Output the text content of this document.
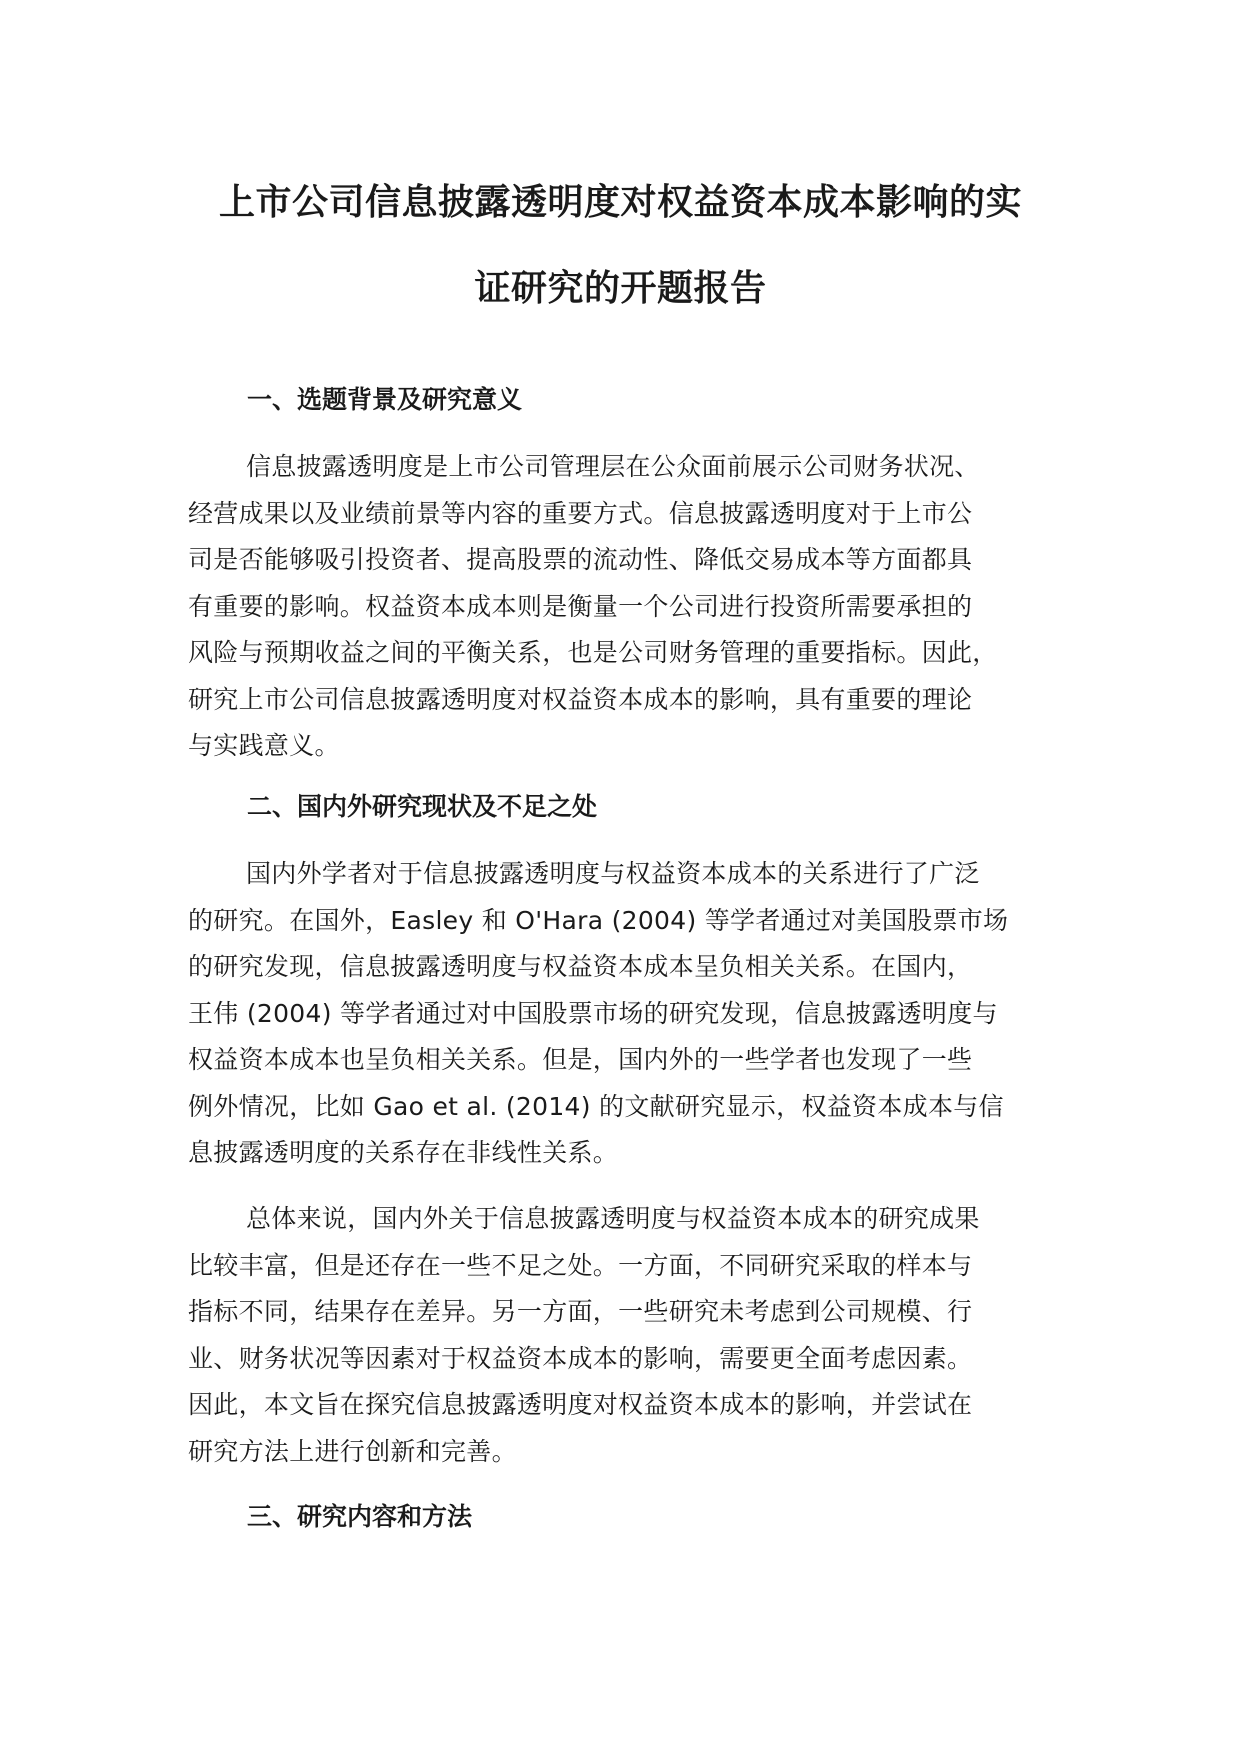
上市公司信息披露透明度对权益资本成本影响的实
证研究的开题报告
一、选题背景及研究意义

信息披露透明度是上市公司管理层在公众面前展示公司财务状况、
经营成果以及业绩前景等内容的重要方式。信息披露透明度对于上市公
司是否能够吸引投资者、提高股票的流动性、降低交易成本等方面都具
有重要的影响。权益资本成本则是衡量一个公司进行投资所需要承担的
风险与预期收益之间的平衡关系，也是公司财务管理的重要指标。因此，
研究上市公司信息披露透明度对权益资本成本的影响，具有重要的理论
与实践意义。

二、国内外研究现状及不足之处

国内外学者对于信息披露透明度与权益资本成本的关系进行了广泛
的研究。在国外，Easley 和 O'Hara (2004) 等学者通过对美国股票市场
的研究发现，信息披露透明度与权益资本成本呈负相关关系。在国内，
王伟 (2004) 等学者通过对中国股票市场的研究发现，信息披露透明度与
权益资本成本也呈负相关关系。但是，国内外的一些学者也发现了一些
例外情况，比如 Gao et al. (2014) 的文献研究显示，权益资本成本与信
息披露透明度的关系存在非线性关系。

总体来说，国内外关于信息披露透明度与权益资本成本的研究成果
比较丰富，但是还存在一些不足之处。一方面，不同研究采取的样本与
指标不同，结果存在差异。另一方面，一些研究未考虑到公司规模、行
业、财务状况等因素对于权益资本成本的影响，需要更全面考虑因素。
因此，本文旨在探究信息披露透明度对权益资本成本的影响，并尝试在
研究方法上进行创新和完善。

三、研究内容和方法
